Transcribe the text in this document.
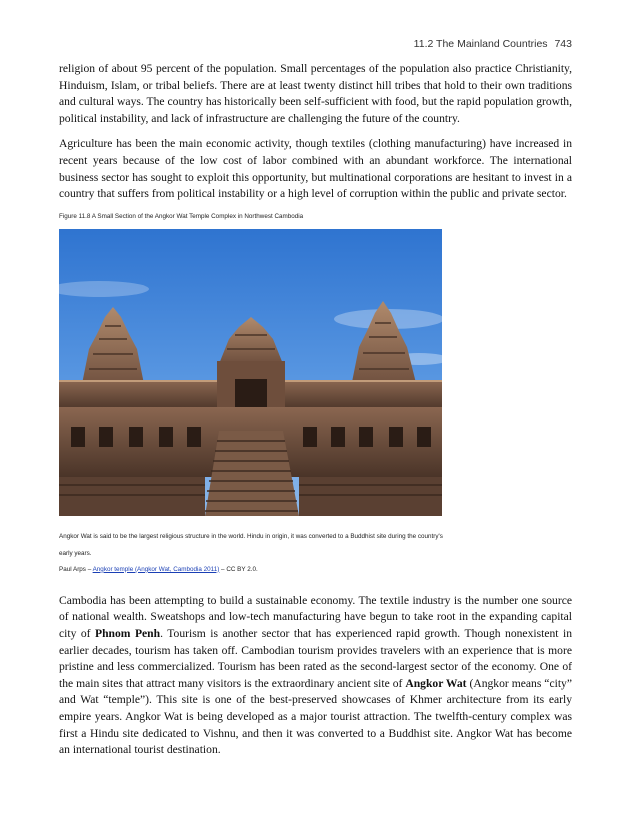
11.2 The Mainland Countries 743

religion of about 95 percent of the population. Small percentages of the population also practice Christianity, Hinduism, Islam, or tribal beliefs. There are at least twenty distinct hill tribes that hold to their own traditions and cultural ways. The country has historically been self-sufficient with food, but the rapid population growth, political instability, and lack of infrastructure are challenging the future of the country.

Agriculture has been the main economic activity, though textiles (clothing manufacturing) have increased in recent years because of the low cost of labor combined with an abundant workforce. The international business sector has sought to exploit this opportunity, but multinational corporations are hesitant to invest in a country that suffers from political instability or a high level of corruption within the public and private sector.

Figure 11.8 A Small Section of the Angkor Wat Temple Complex in Northwest Cambodia
Angkor Wat is said to be the largest religious structure in the world. Hindu in origin, it was converted to a Buddhist site during the country's early years.
Paul Arps – Angkor temple (Angkor Wat, Cambodia 2011) – CC BY 2.0.

Cambodia has been attempting to build a sustainable economy. The textile industry is the number one source of national wealth. Sweatshops and low-tech manufacturing have begun to take root in the expanding capital city of Phnom Penh. Tourism is another sector that has experienced rapid growth. Though nonexistent in earlier decades, tourism has taken off. Cambodian tourism provides travelers with an experience that is more pristine and less commercialized. Tourism has been rated as the second-largest sector of the economy. One of the main sites that attract many visitors is the extraordinary ancient site of Angkor Wat (Angkor means “city” and Wat “temple”). This site is one of the best-preserved showcases of Khmer architecture from its early empire years. Angkor Wat is being developed as a major tourist attraction. The twelfth-century complex was first a Hindu site dedicated to Vishnu, and then it was converted to a Buddhist site. Angkor Wat has become an international tourist destination.
